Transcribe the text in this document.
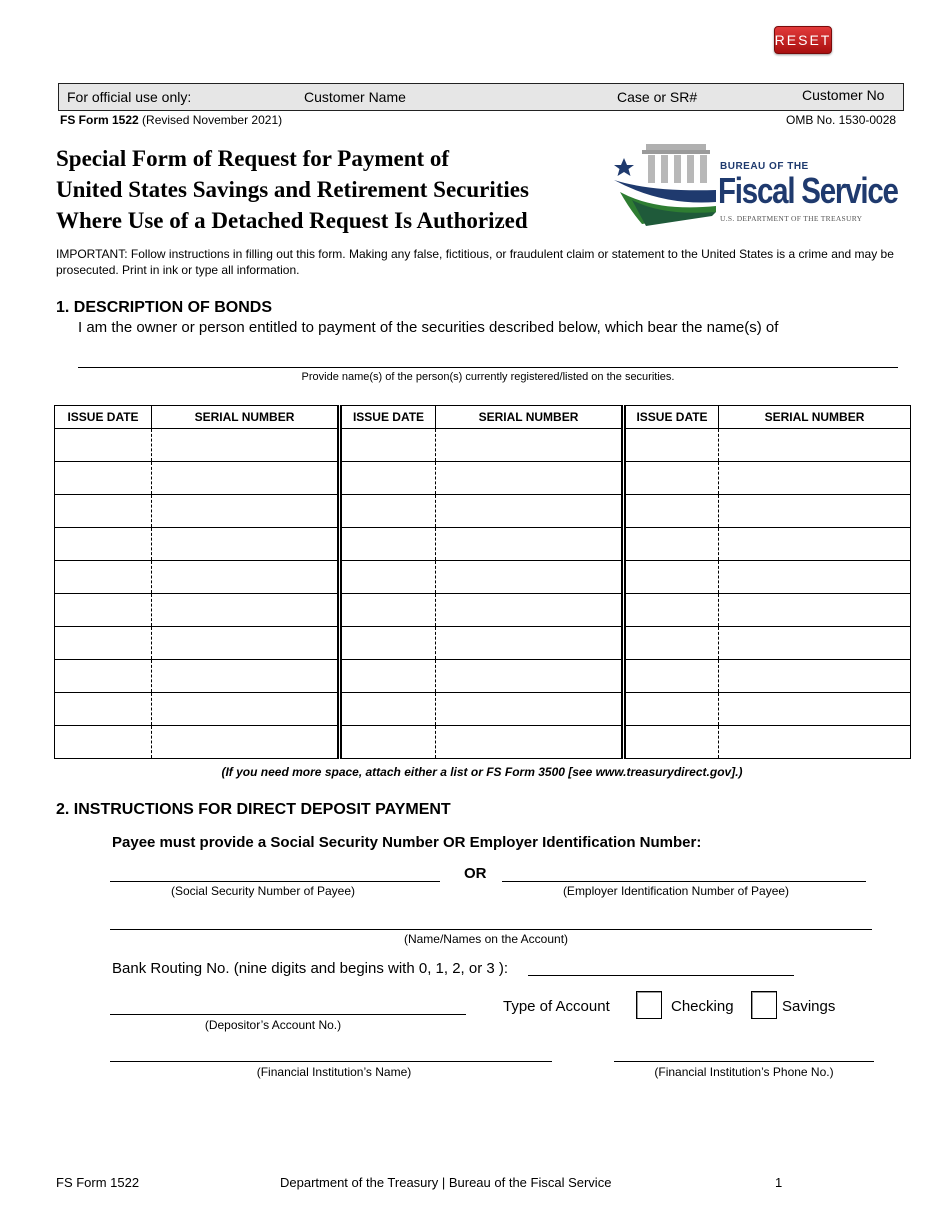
RESET
For official use only:	Customer Name	Case or SR#	Customer No
FS Form 1522 (Revised November 2021)	OMB No. 1530-0028
Special Form of Request for Payment of
United States Savings and Retirement Securities
Where Use of a Detached Request Is Authorized
BUREAU OF THE
Fiscal Service
U.S. DEPARTMENT OF THE TREASURY
IMPORTANT: Follow instructions in filling out this form. Making any false, fictitious, or fraudulent claim or statement to the United States is a crime and may be prosecuted. Print in ink or type all information.
1. DESCRIPTION OF BONDS
I am the owner or person entitled to payment of the securities described below, which bear the name(s) of
Provide name(s) of the person(s) currently registered/listed on the securities.
ISSUE DATE	SERIAL NUMBER	ISSUE DATE	SERIAL NUMBER	ISSUE DATE	SERIAL NUMBER

(If you need more space, attach either a list or FS Form 3500 [see www.treasurydirect.gov].)
2. INSTRUCTIONS FOR DIRECT DEPOSIT PAYMENT
Payee must provide a Social Security Number OR Employer Identification Number:
OR
(Social Security Number of Payee)	(Employer Identification Number of Payee)
(Name/Names on the Account)
Bank Routing No. (nine digits and begins with 0, 1, 2, or 3 ):
(Depositor’s Account No.)
Type of Account	Checking	Savings
(Financial Institution’s Name)	(Financial Institution’s Phone No.)
FS Form 1522	Department of the Treasury | Bureau of the Fiscal Service	1
